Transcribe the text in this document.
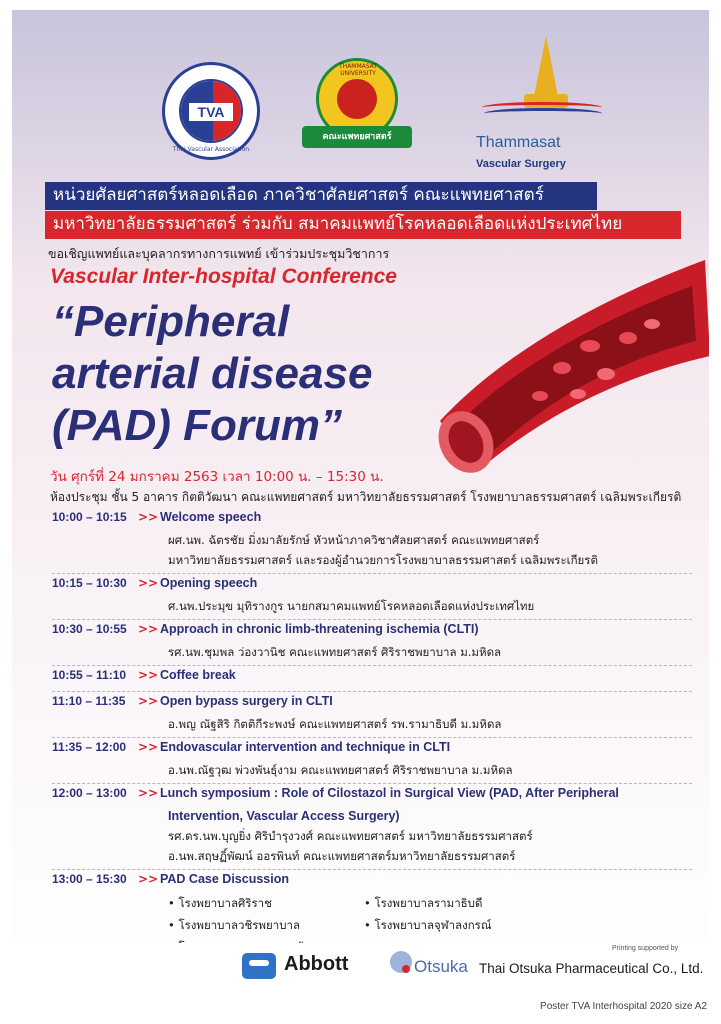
TVA
Thai Vascular Association
THAMMASAT UNIVERSITY
คณะแพทยศาสตร์	Thammasat
Vascular Surgery
หน่วยศัลยศาสตร์หลอดเลือด ภาควิชาศัลยศาสตร์ คณะแพทยศาสตร์
มหาวิทยาลัยธรรมศาสตร์ ร่วมกับ สมาคมแพทย์โรคหลอดเลือดแห่งประเทศไทย
ขอเชิญแพทย์และบุคลากรทางการแพทย์ เข้าร่วมประชุมวิชาการ
Vascular Inter-hospital Conference
“Peripheral
arterial disease
(PAD) Forum”
วัน ศุกร์ที่ 24 มกราคม 2563 เวลา 10:00 น. – 15:30 น.
ห้องประชุม ชั้น 5 อาคาร กิตติวัฒนา คณะแพทยศาสตร์ มหาวิทยาลัยธรรมศาสตร์ โรงพยาบาลธรรมศาสตร์ เฉลิมพระเกียรติ
10:00 – 10:15 >> Welcome speech
ผศ.นพ. ฉัตรชัย มิ่งมาลัยรักษ์ หัวหน้าภาควิชาศัลยศาสตร์ คณะแพทยศาสตร์
มหาวิทยาลัยธรรมศาสตร์ และรองผู้อำนวยการโรงพยาบาลธรรมศาสตร์ เฉลิมพระเกียรติ
10:15 – 10:30 >> Opening speech
ศ.นพ.ประมุข มุทิรางกูร นายกสมาคมแพทย์โรคหลอดเลือดแห่งประเทศไทย
10:30 – 10:55 >> Approach in chronic limb-threatening ischemia (CLTI)
รศ.นพ.ชุมพล ว่องวานิช คณะแพทยศาสตร์ ศิริราชพยาบาล ม.มหิดล
10:55 – 11:10 >> Coffee break
11:10 – 11:35	>> Open bypass surgery in CLTI
อ.พญ ณัฐสิริ กิตติกีระพงษ์ คณะแพทยศาสตร์ รพ.รามาธิบดี ม.มหิดล
11:35 – 12:00 >> Endovascular intervention and technique in CLTI
อ.นพ.ณัฐวุฒ พ่วงพันธุ์งาม คณะแพทยศาสตร์ ศิริราชพยาบาล ม.มหิดล
12:00 – 13:00 >> Lunch symposium : Role of Cilostazol in Surgical View (PAD, After Peripheral
Intervention, Vascular Access Surgery)
รศ.ดร.นพ.บุญยิ่ง ศิริบำรุงวงศ์ คณะแพทยศาสตร์ มหาวิทยาลัยธรรมศาสตร์
อ.นพ.สฤษฏิ์พัฒน์ ออรพินท์ คณะแพทยศาสตร์มหาวิทยาลัยธรรมศาสตร์
13:00 – 15:30 >> PAD Case Discussion
• โรงพยาบาลศิริราช
• โรงพยาบาลวชิรพยาบาล
• โรงพยาบาลรามาธิบดี
• โรงพยาบาลจุฬาลงกรณ์
Abbott	Otsuka
Printing supported by
Thai Otsuka Pharmaceutical Co., Ltd.
Poster TVA Interhospital 2020 size A2
